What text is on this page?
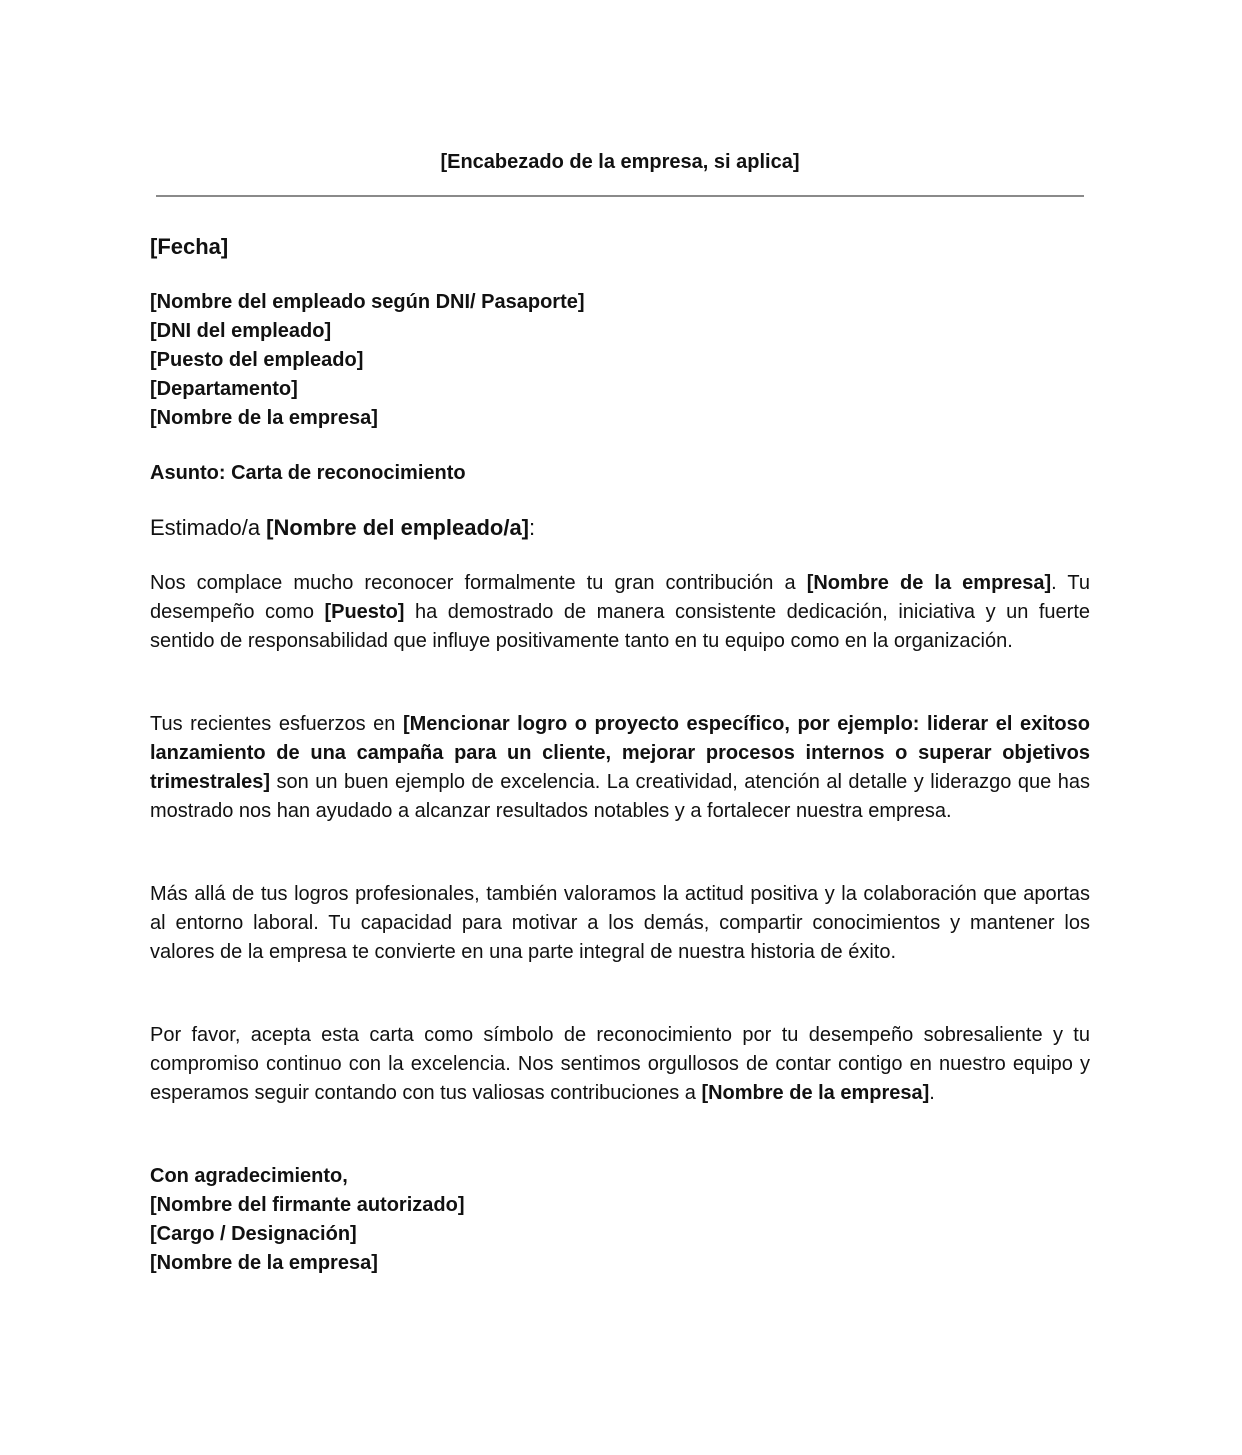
[Encabezado de la empresa, si aplica]
[Fecha]
[Nombre del empleado según DNI/ Pasaporte]
[DNI del empleado]
[Puesto del empleado]
[Departamento]
[Nombre de la empresa]
Asunto: Carta de reconocimiento
Estimado/a [Nombre del empleado/a]:
Nos complace mucho reconocer formalmente tu gran contribución a [Nombre de la empresa]. Tu desempeño como [Puesto] ha demostrado de manera consistente dedicación, iniciativa y un fuerte sentido de responsabilidad que influye positivamente tanto en tu equipo como en la organización.
Tus recientes esfuerzos en [Mencionar logro o proyecto específico, por ejemplo: liderar el exitoso lanzamiento de una campaña para un cliente, mejorar procesos internos o superar objetivos trimestrales] son un buen ejemplo de excelencia. La creatividad, atención al detalle y liderazgo que has mostrado nos han ayudado a alcanzar resultados notables y a fortalecer nuestra empresa.
Más allá de tus logros profesionales, también valoramos la actitud positiva y la colaboración que aportas al entorno laboral. Tu capacidad para motivar a los demás, compartir conocimientos y mantener los valores de la empresa te convierte en una parte integral de nuestra historia de éxito.
Por favor, acepta esta carta como símbolo de reconocimiento por tu desempeño sobresaliente y tu compromiso continuo con la excelencia. Nos sentimos orgullosos de contar contigo en nuestro equipo y esperamos seguir contando con tus valiosas contribuciones a [Nombre de la empresa].
Con agradecimiento,
[Nombre del firmante autorizado]
[Cargo / Designación]
[Nombre de la empresa]
